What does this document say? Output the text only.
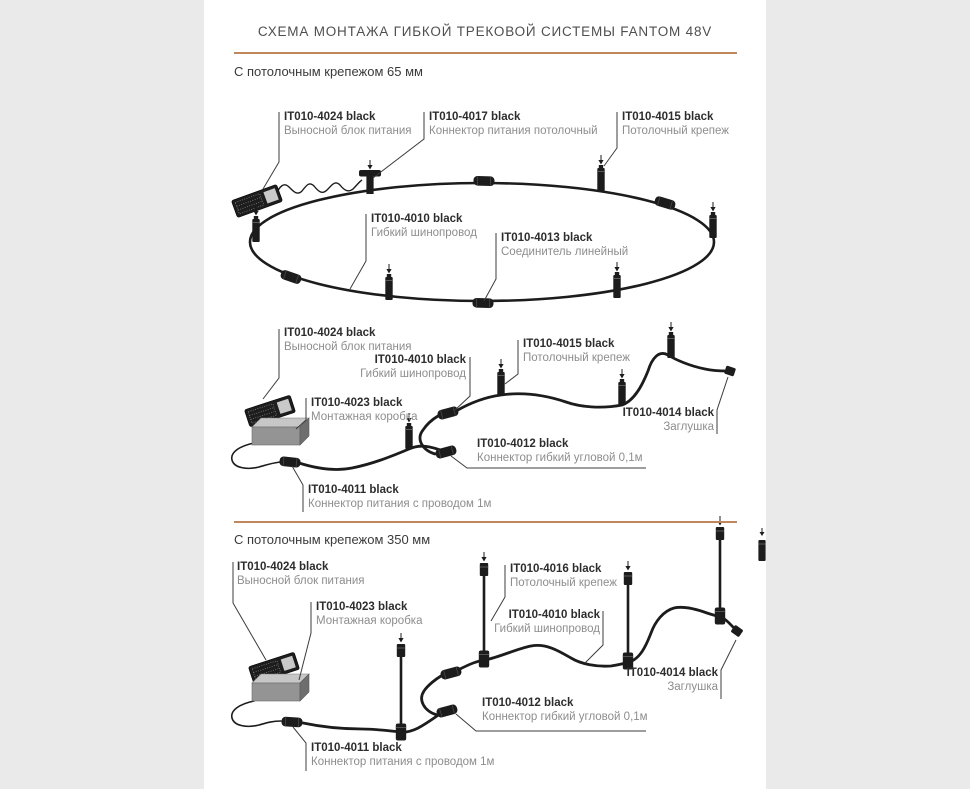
СХЕМА МОНТАЖА ГИБКОЙ ТРЕКОВОЙ СИСТЕМЫ FANTOM 48V
С потолочным крепежом 65 мм
С потолочным крепежом 350 мм
IT010-4024 black
Выносной блок питания
IT010-4017 black
Коннектор питания потолочный
IT010-4015 black
Потолочный крепеж
IT010-4010 black
Гибкий шинопровод IT010-4013 black
Соединитель линейный
IT010-4024 black
Выносной блок питания
IT010-4010 black
Гибкий шинопровод
IT010-4015 black
Потолочный крепеж
IT010-4023 black
Монтажная коробка	IT010-4014 black
Заглушка
IT010-4012 black
Коннектор гибкий угловой 0,1м
IT010-4011 black
Коннектор питания с проводом 1м
IT010-4024 black
Выносной блок питания
IT010-4016 black
Потолочный крепеж
IT010-4023 black
Монтажная коробка	IT010-4010 black
Гибкий шинопровод
IT010-4014 black
Заглушка
IT010-4012 black
Коннектор гибкий угловой 0,1м
IT010-4011 black
Коннектор питания с проводом 1м
